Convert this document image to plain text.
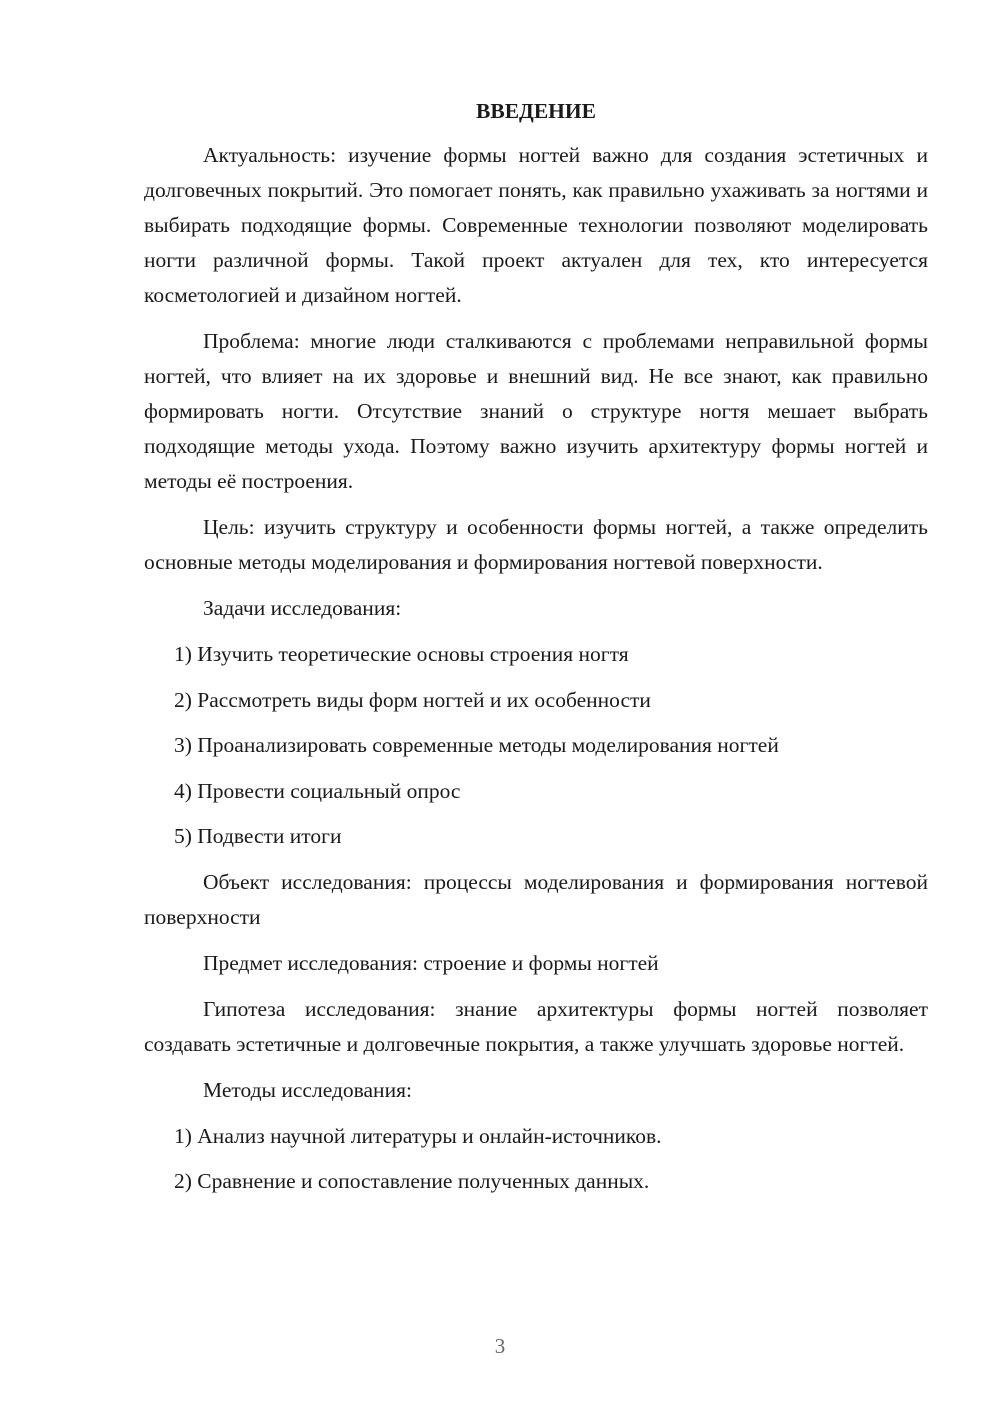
ВВЕДЕНИЕ

Актуальность: изучение формы ногтей важно для создания эстетичных и долговечных покрытий. Это помогает понять, как правильно ухаживать за ногтями и выбирать подходящие формы. Современные технологии позволяют моделировать ногти различной формы. Такой проект актуален для тех, кто интересуется косметологией и дизайном ногтей.

Проблема: многие люди сталкиваются с проблемами неправильной формы ногтей, что влияет на их здоровье и внешний вид. Не все знают, как правильно формировать ногти. Отсутствие знаний о структуре ногтя мешает выбрать подходящие методы ухода. Поэтому важно изучить архитектуру формы ногтей и методы её построения.

Цель: изучить структуру и особенности формы ногтей, а также определить основные методы моделирования и формирования ногтевой поверхности.

Задачи исследования:

1) Изучить теоретические основы строения ногтя
2) Рассмотреть виды форм ногтей и их особенности
3) Проанализировать современные методы моделирования ногтей
4) Провести социальный опрос
5) Подвести итоги

Объект исследования: процессы моделирования и формирования ногтевой поверхности

Предмет исследования: строение и формы ногтей

Гипотеза исследования: знание архитектуры формы ногтей позволяет создавать эстетичные и долговечные покрытия, а также улучшать здоровье ногтей.

Методы исследования:

1) Анализ научной литературы и онлайн-источников.
2) Сравнение и сопоставление полученных данных.
3
